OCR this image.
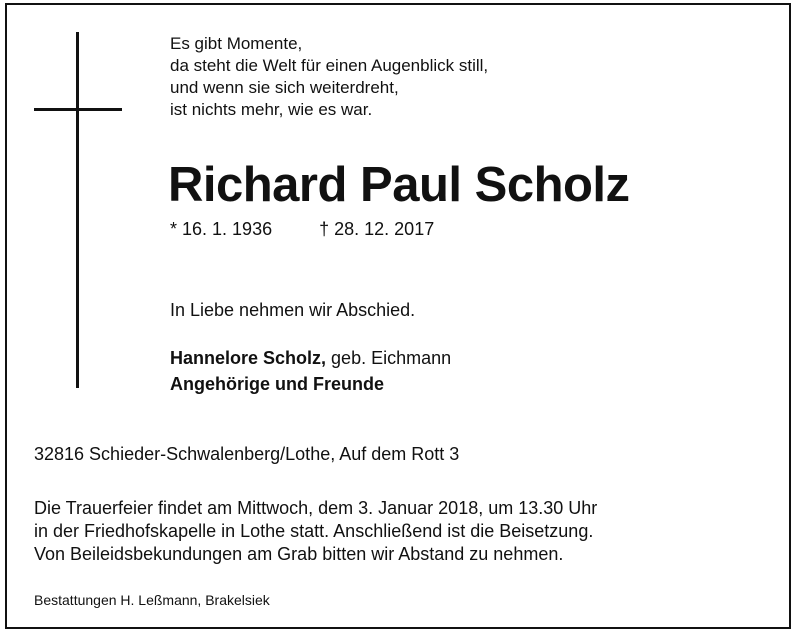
Es gibt Momente,
da steht die Welt für einen Augenblick still,
und wenn sie sich weiterdreht,
ist nichts mehr, wie es war.
Richard Paul Scholz
* 16. 1. 1936	† 28. 12. 2017
In Liebe nehmen wir Abschied.
Hannelore Scholz, geb. Eichmann
Angehörige und Freunde
32816 Schieder-Schwalenberg/Lothe, Auf dem Rott 3
Die Trauerfeier findet am Mittwoch, dem 3. Januar 2018, um 13.30 Uhr
in der Friedhofskapelle in Lothe statt. Anschließend ist die Beisetzung.
Von Beileidsbekundungen am Grab bitten wir Abstand zu nehmen.
Bestattungen H. Leßmann, Brakelsiek
